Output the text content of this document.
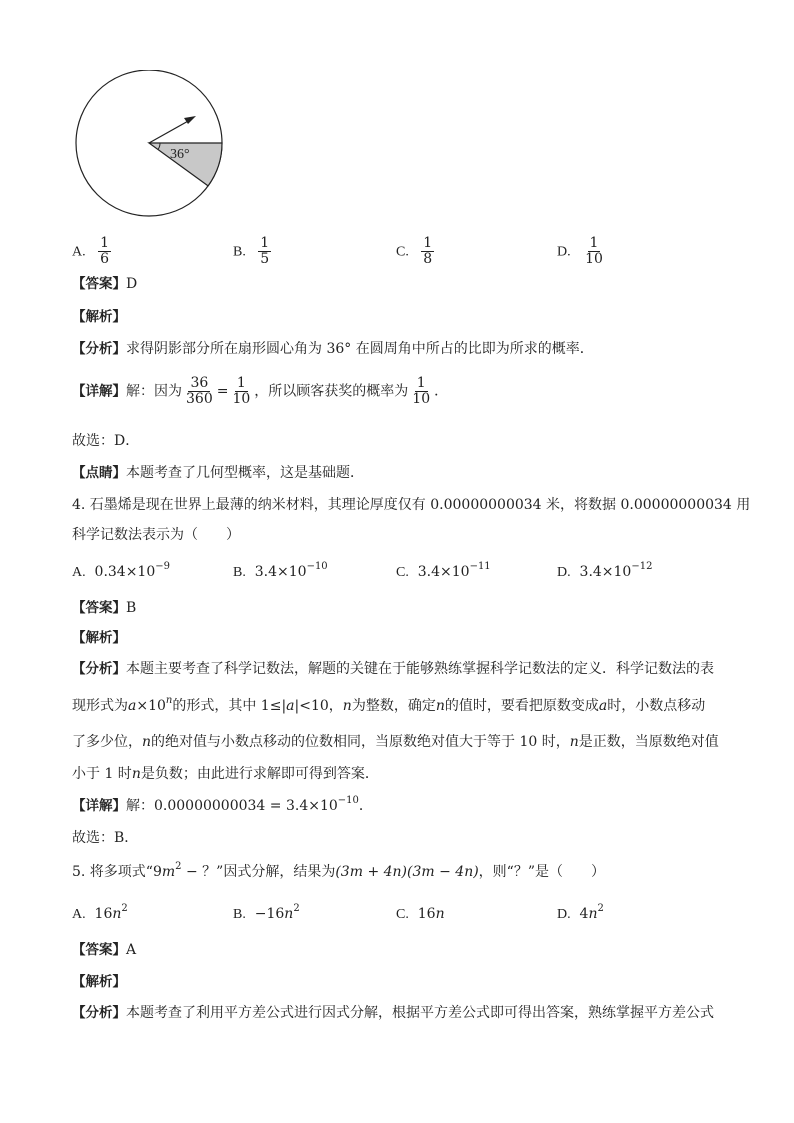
36°
A. $\frac{1}{6}$	B. $\frac{1}{5}$	C. $\frac{1}{8}$	D. $\frac{1}{10}$
【答案】D
【解析】
【分析】求得阴影部分所在扇形圆心角为 36° 在圆周角中所占的比即为所求的概率．
【详解】解：因为 $\frac{36}{360} = \frac{1}{10}$ ，所以顾客获奖的概率为 $\frac{1}{10}$ ．
故选：D．
【点睛】本题考查了几何型概率，这是基础题．
4. 石墨烯是现在世界上最薄的纳米材料，其理论厚度仅有 0.00000000034 米，将数据 0.00000000034 用
科学记数法表示为（　　）
A. $0.34\times 10^{-9}$	B. $3.4\times 10^{-10}$	C. $3.4\times 10^{-11}$	D. $3.4\times 10^{-12}$
【答案】B
【解析】
【分析】本题主要考查了科学记数法，解题的关键在于能够熟练掌握科学记数法的定义．科学记数法的表
现形式为$a\times 10^n$的形式，其中 1≤|a|<10，n为整数，确定n的值时，要看把原数变成a时，小数点移动
了多少位，n的绝对值与小数点移动的位数相同，当原数绝对值大于等于 10 时，n是正数，当原数绝对值
小于 1 时n是负数；由此进行求解即可得到答案．
【详解】解：$0.00000000034 = 3.4\times 10^{-10}$．
故选：B．
5. 将多项式“$9m^2$ − ？”因式分解，结果为(3m + 4n)(3m − 4n)，则“？”是（　　）
A. $16n^2$	B. $-16n^2$	C. 16n	D. $4n^2$
【答案】A
【解析】
【分析】本题考查了利用平方差公式进行因式分解，根据平方差公式即可得出答案，熟练掌握平方差公式
